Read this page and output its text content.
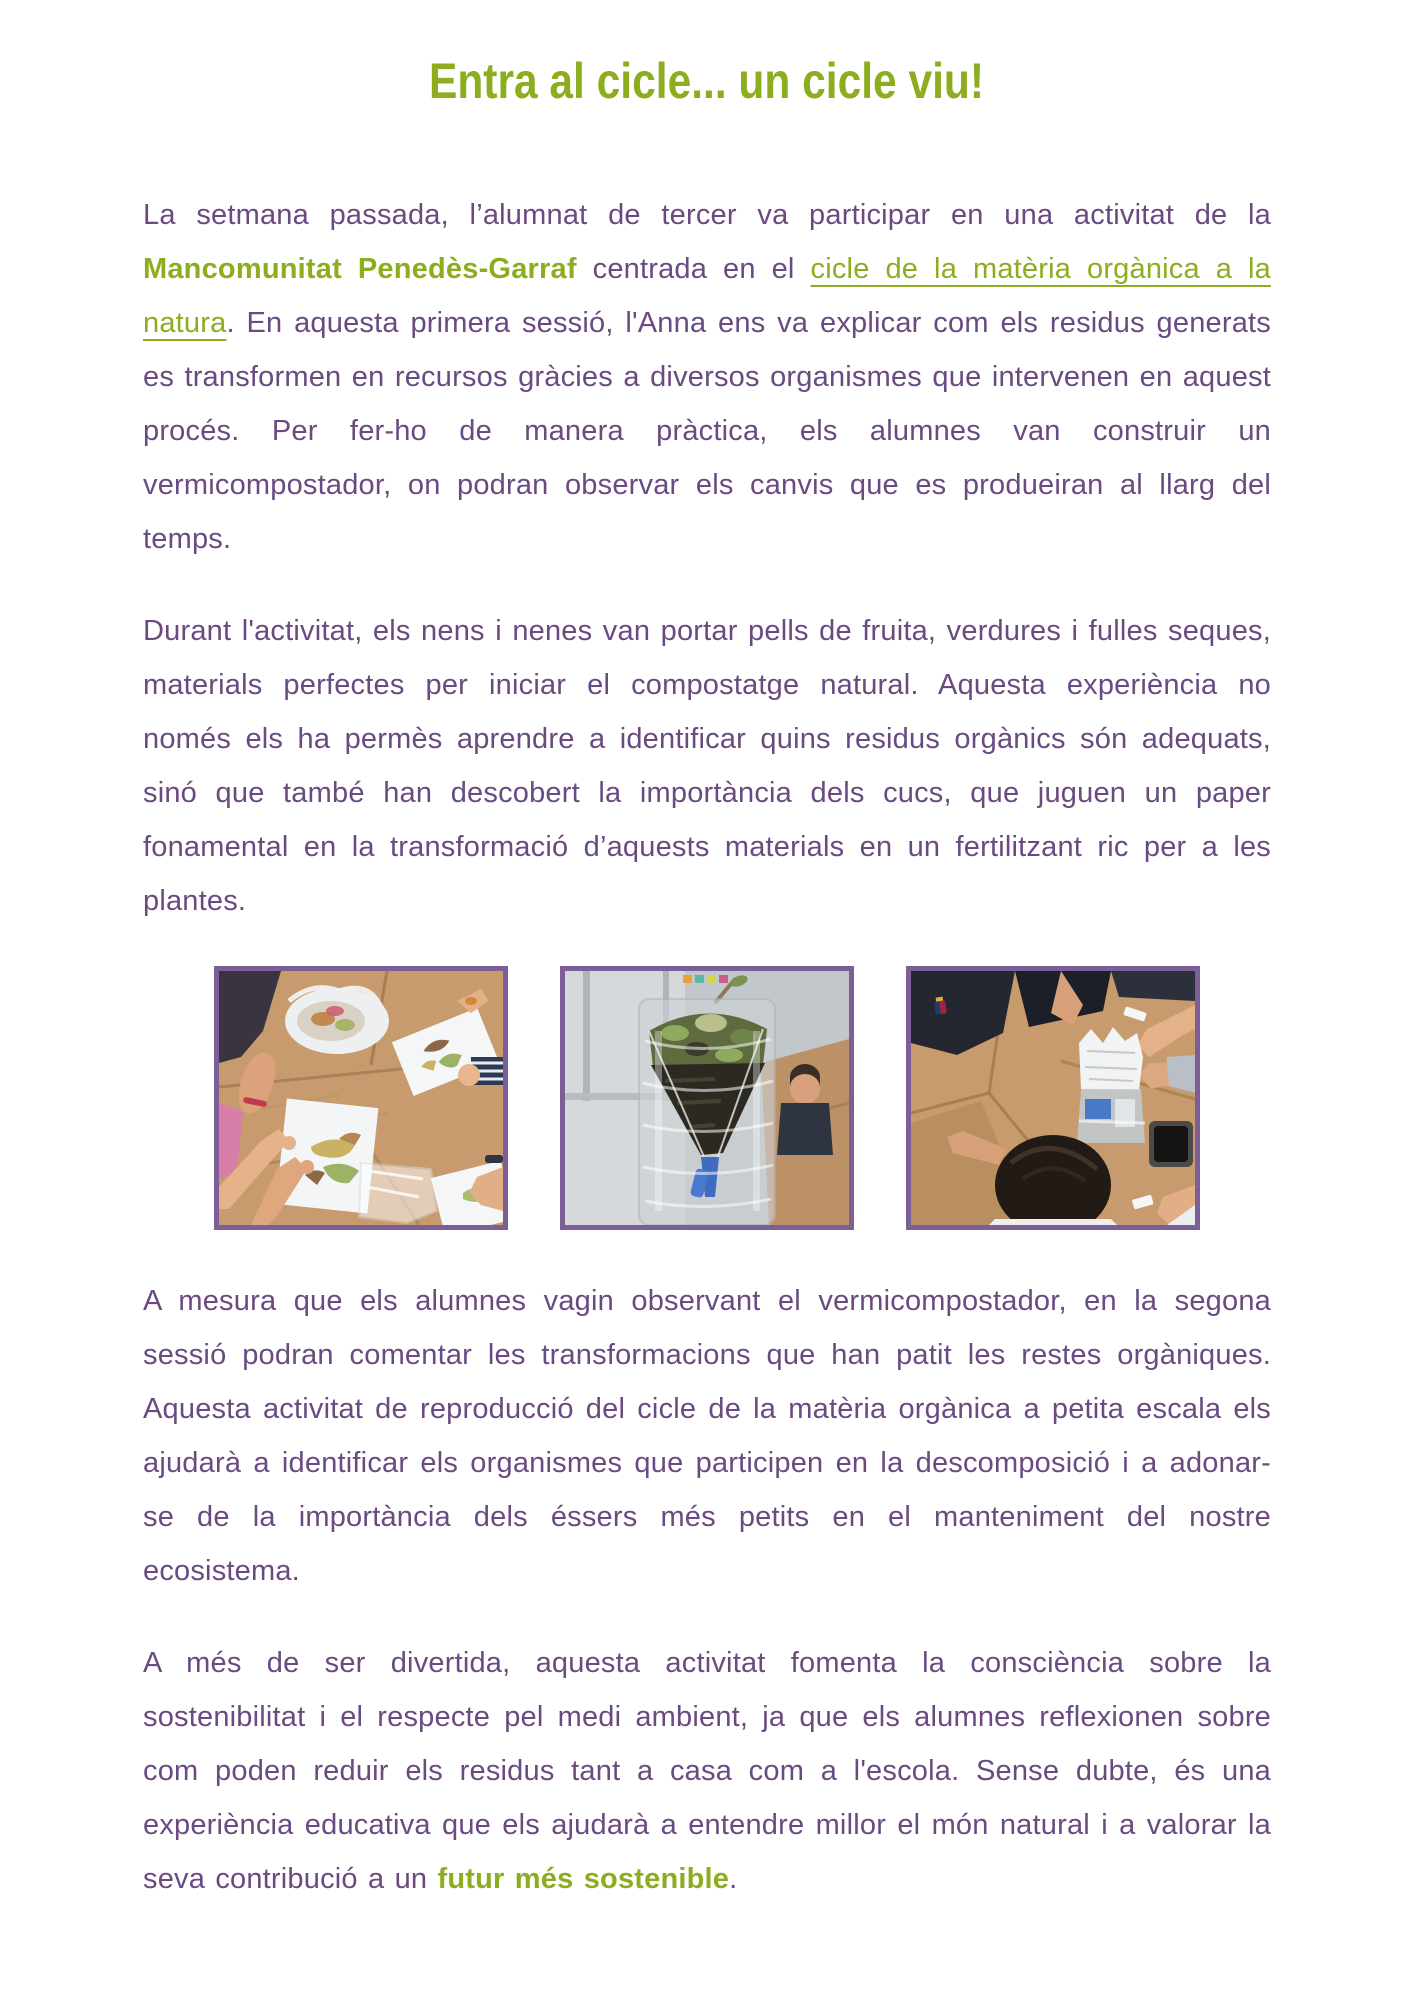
Entra al cicle... un cicle viu!

La setmana passada, l’alumnat de tercer va participar en una activitat de la Mancomunitat Penedès-Garraf centrada en el cicle de la matèria orgànica a la natura. En aquesta primera sessió, l'Anna ens va explicar com els residus generats es transformen en recursos gràcies a diversos organismes que intervenen en aquest procés. Per fer-ho de manera pràctica, els alumnes van construir un vermicompostador, on podran observar els canvis que es produeiran al llarg del temps.

Durant l'activitat, els nens i nenes van portar pells de fruita, verdures i fulles seques, materials perfectes per iniciar el compostatge natural. Aquesta experiència no només els ha permès aprendre a identificar quins residus orgànics són adequats, sinó que també han descobert la importància dels cucs, que juguen un paper fonamental en la transformació d’aquests materials en un fertilitzant ric per a les plantes.

A mesura que els alumnes vagin observant el vermicompostador, en la segona sessió podran comentar les transformacions que han patit les restes orgàniques. Aquesta activitat de reproducció del cicle de la matèria orgànica a petita escala els ajudarà a identificar els organismes que participen en la descomposició i a adonar-se de la importància dels éssers més petits en el manteniment del nostre ecosistema.

A més de ser divertida, aquesta activitat fomenta la consciència sobre la sostenibilitat i el respecte pel medi ambient, ja que els alumnes reflexionen sobre com poden reduir els residus tant a casa com a l'escola. Sense dubte, és una experiència educativa que els ajudarà a entendre millor el món natural i a valorar la seva contribució a un futur més sostenible.
